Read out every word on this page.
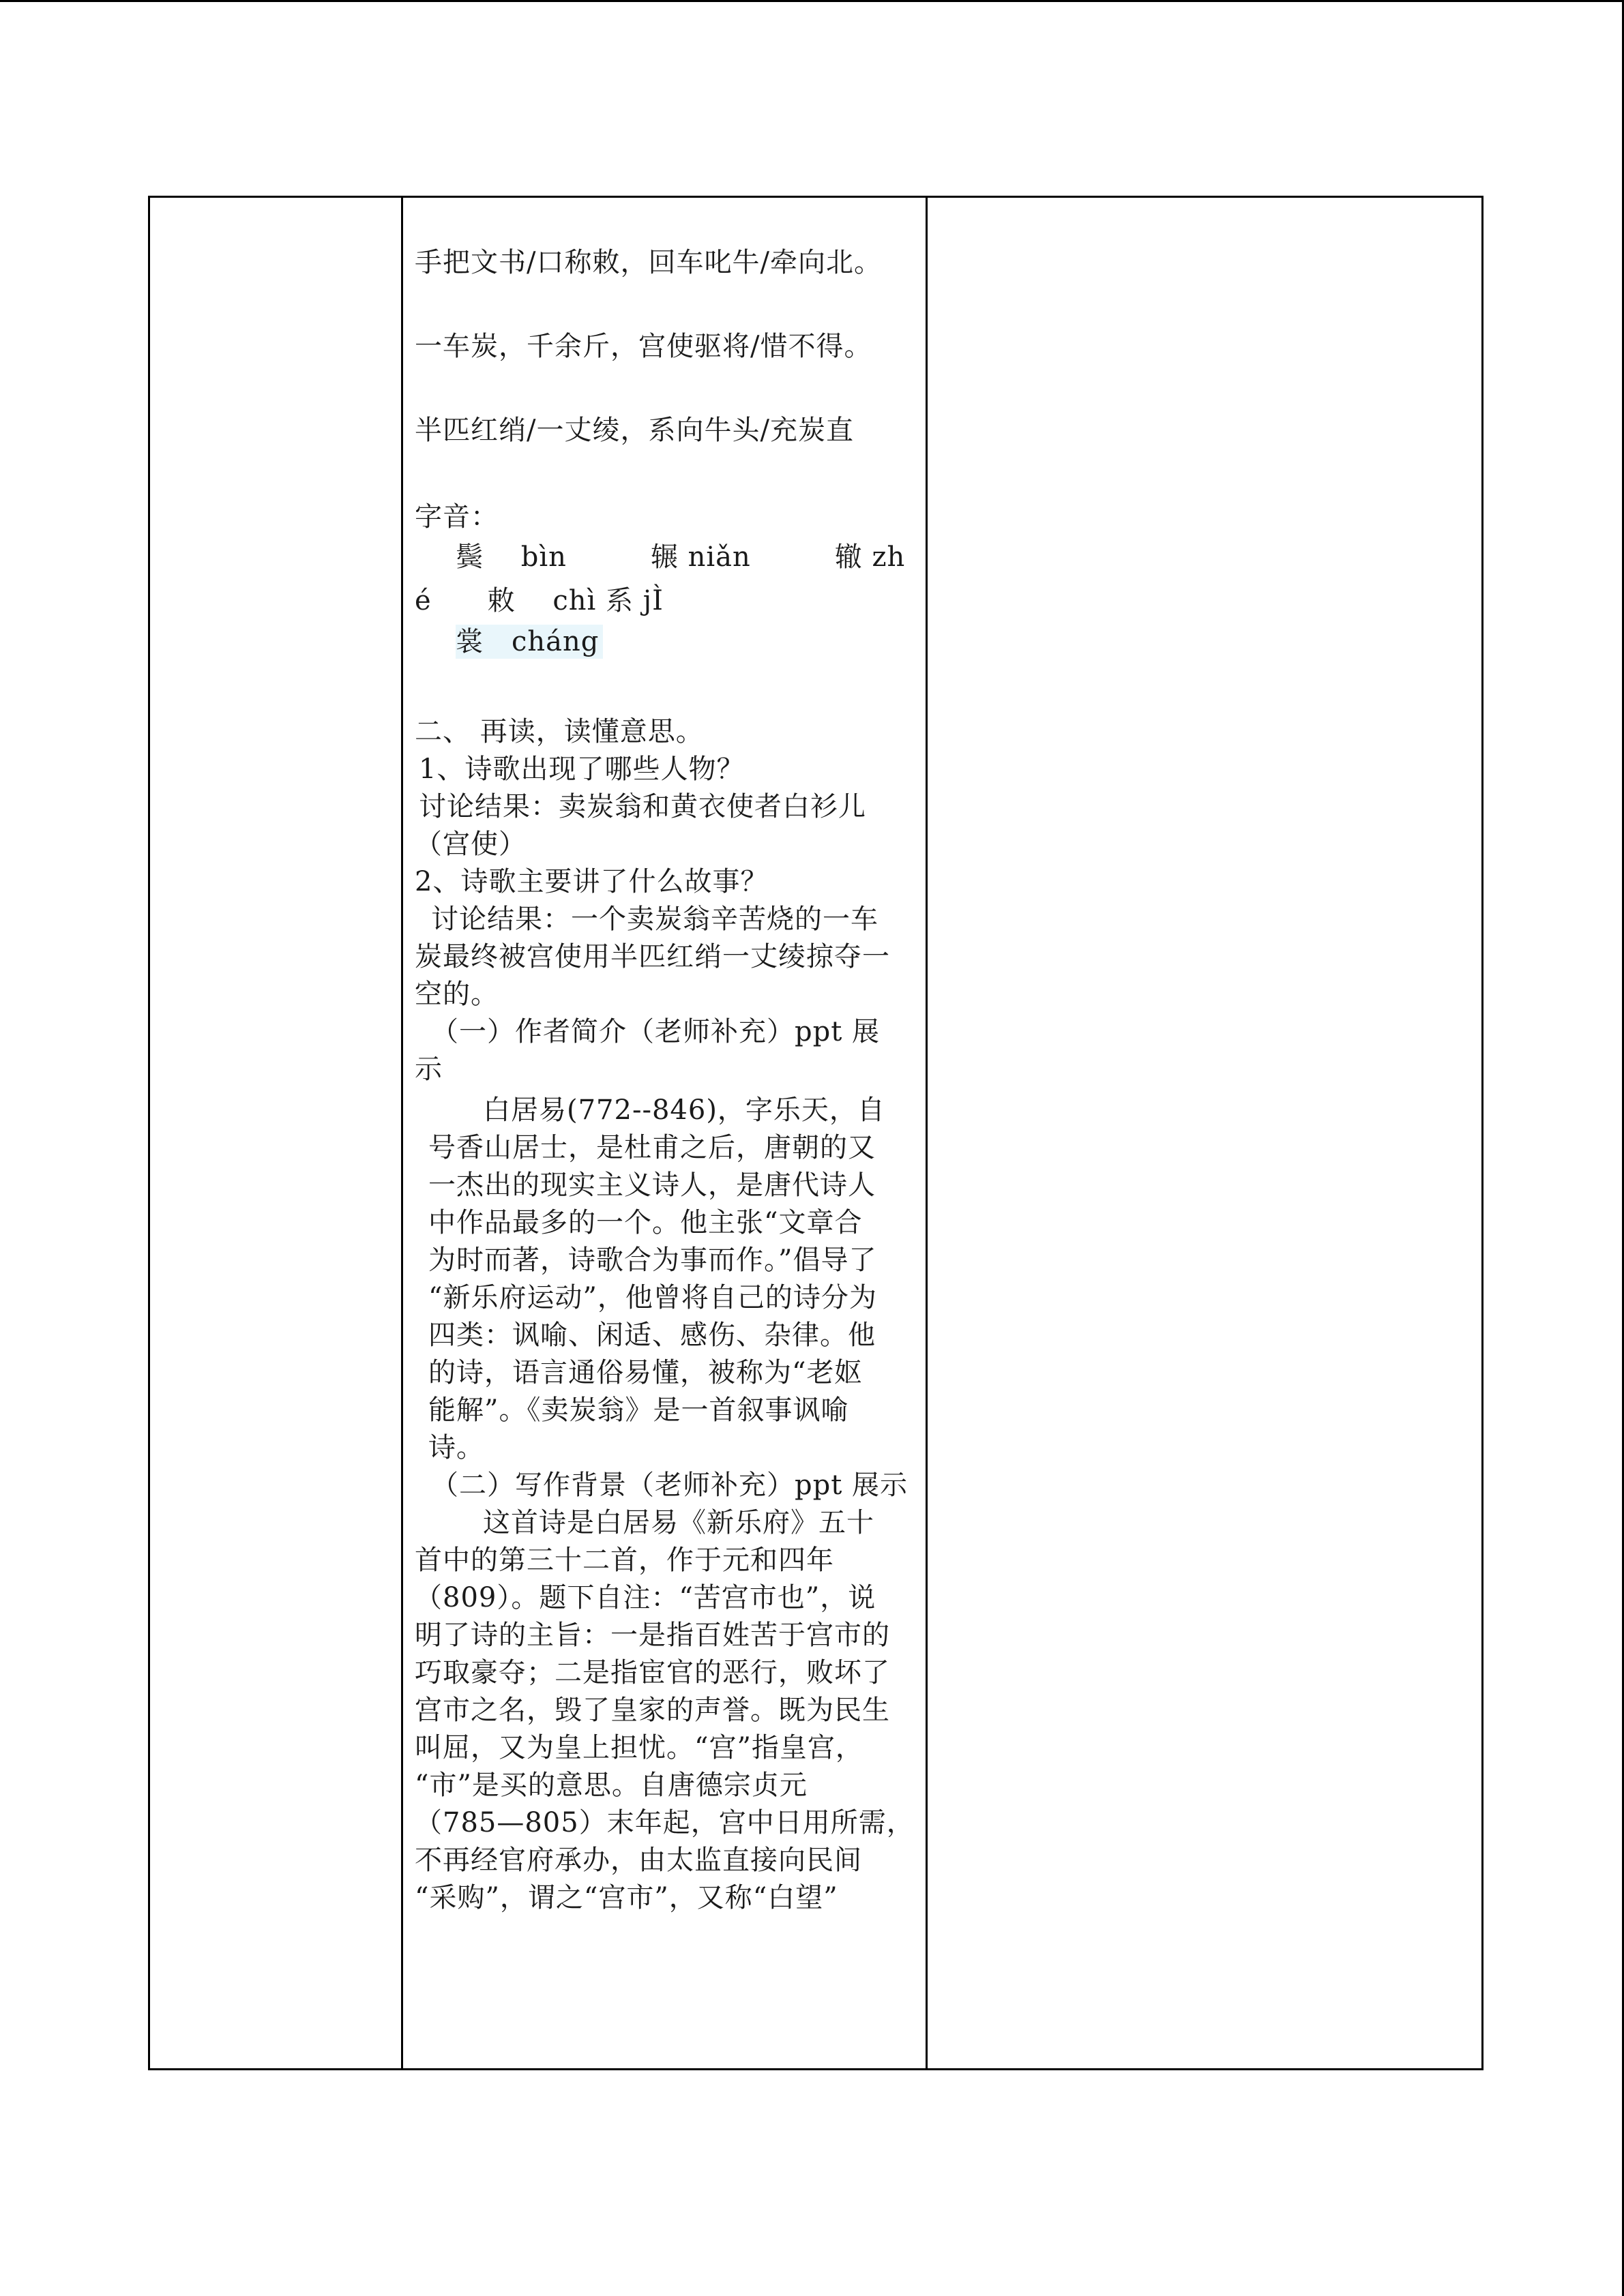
手把文书/口称敕，回车叱牛/牵向北。
一车炭，千余斤，宫使驱将/惜不得。
半匹红绡/一丈绫，系向牛头/充炭直
字音：
鬓　 bìn　　　辗 niǎn　　　辙 zh
é　　敕　 chì 系 jÌ
裳　cháng
二、 再读，读懂意思。
1、诗歌出现了哪些人物？
讨论结果：卖炭翁和黄衣使者白衫儿
（宫使）
2、诗歌主要讲了什么故事？
讨论结果：一个卖炭翁辛苦烧的一车
炭最终被宫使用半匹红绡一丈绫掠夺一
空的。
（一）作者简介（老师补充）ppt 展
示
白居易(772--846)，字乐天，自
号香山居士，是杜甫之后，唐朝的又
一杰出的现实主义诗人，是唐代诗人
中作品最多的一个。他主张“文章合
为时而著，诗歌合为事而作。”倡导了
“新乐府运动”，他曾将自己的诗分为
四类：讽喻、闲适、感伤、杂律。他
的诗，语言通俗易懂，被称为“老妪
能解”。《卖炭翁》是一首叙事讽喻
诗。
（二）写作背景（老师补充）ppt 展示
这首诗是白居易《新乐府》五十
首中的第三十二首，作于元和四年
（809）。题下自注：“苦宫市也”，说
明了诗的主旨：一是指百姓苦于宫市的
巧取豪夺；二是指宦官的恶行，败坏了
宫市之名，毁了皇家的声誉。既为民生
叫屈，又为皇上担忧。“宫”指皇宫，
“市”是买的意思。自唐德宗贞元
（785—805）末年起，宫中日用所需，
不再经官府承办，由太监直接向民间
“采购”，谓之“宫市”，又称“白望”
